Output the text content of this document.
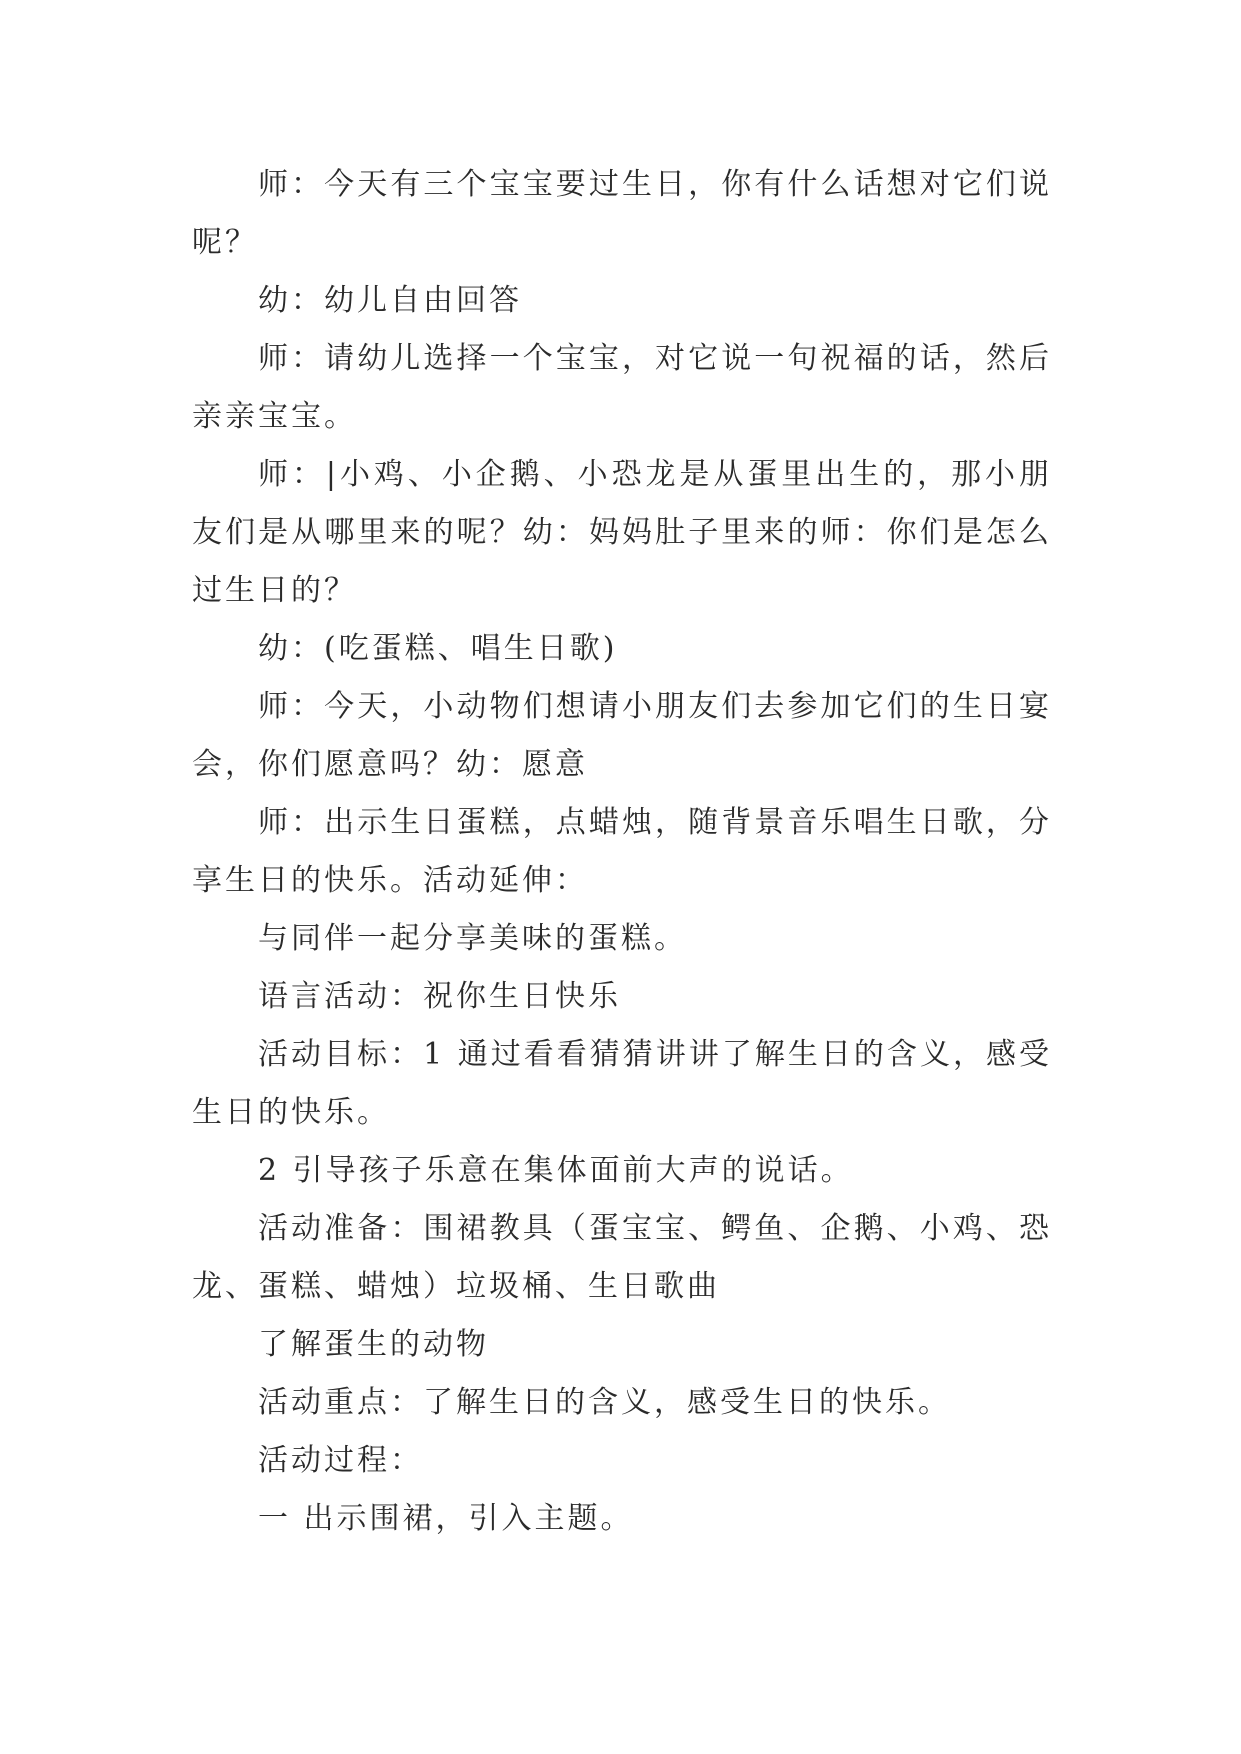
师：今天有三个宝宝要过生日，你有什么话想对它们说呢？

幼：幼儿自由回答

师：请幼儿选择一个宝宝，对它说一句祝福的话，然后亲亲宝宝。

师：|小鸡、小企鹅、小恐龙是从蛋里出生的，那小朋友们是从哪里来的呢？幼：妈妈肚子里来的师：你们是怎么过生日的？

幼：(吃蛋糕、唱生日歌)

师：今天，小动物们想请小朋友们去参加它们的生日宴会，你们愿意吗？幼：愿意

师：出示生日蛋糕，点蜡烛，随背景音乐唱生日歌，分享生日的快乐。活动延伸：

与同伴一起分享美味的蛋糕。

语言活动：祝你生日快乐

活动目标：1 通过看看猜猜讲讲了解生日的含义，感受生日的快乐。

2 引导孩子乐意在集体面前大声的说话。

活动准备：围裙教具（蛋宝宝、鳄鱼、企鹅、小鸡、恐龙、蛋糕、蜡烛）垃圾桶、生日歌曲

了解蛋生的动物

活动重点：了解生日的含义，感受生日的快乐。

活动过程：

一 出示围裙，引入主题。
